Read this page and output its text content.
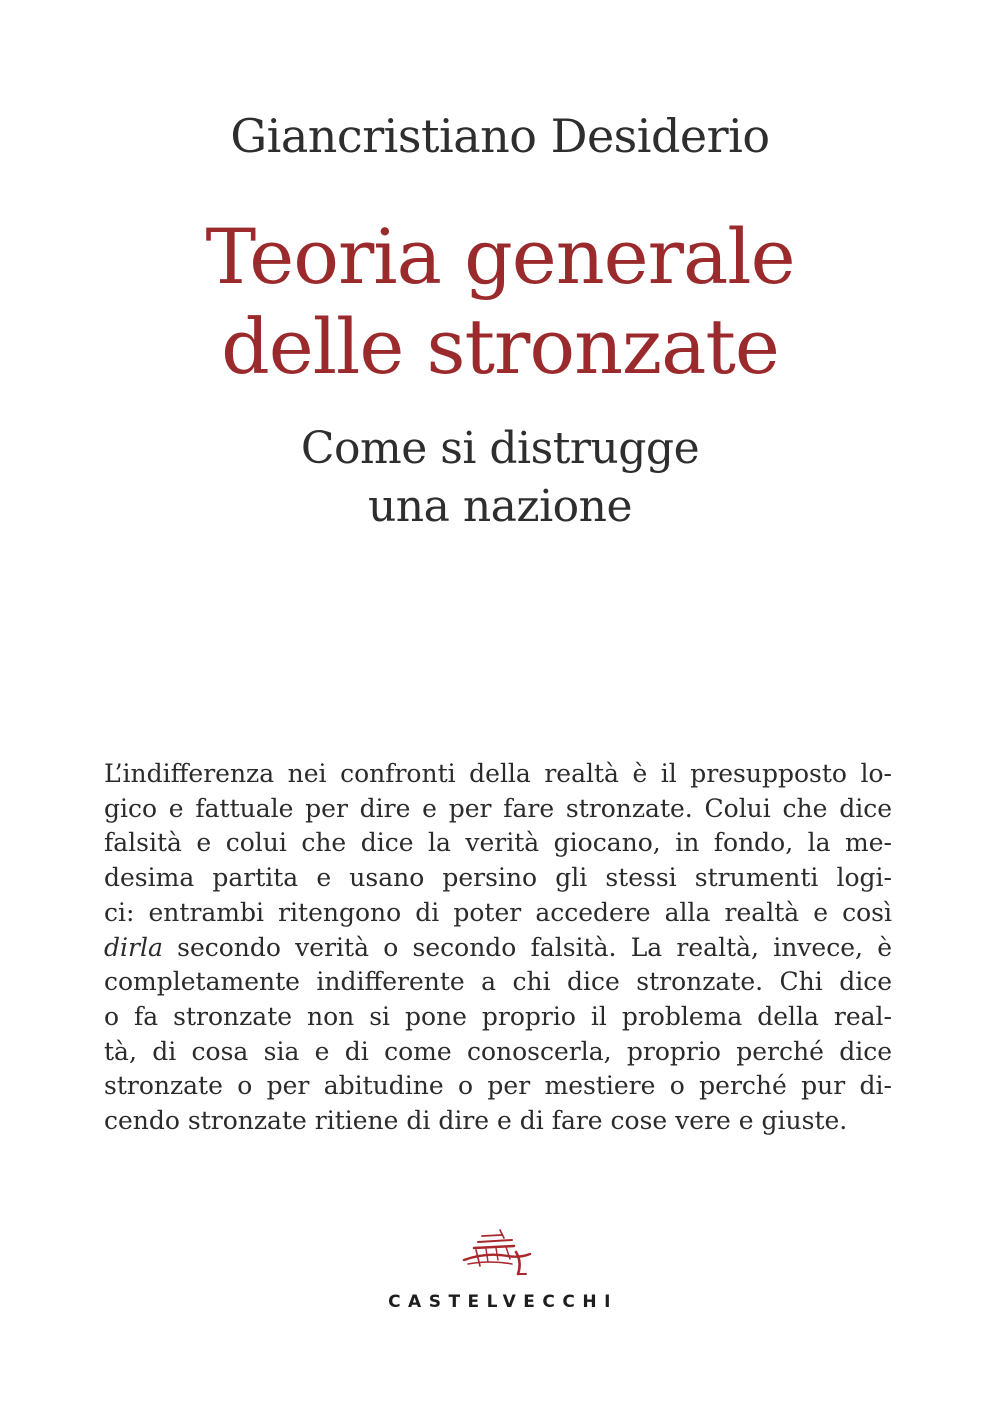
Giancristiano Desiderio
Teoria generale
delle stronzate
Come si distrugge
una nazione
L’indifferenza nei confronti della realtà è il presupposto lo-
gico e fattuale per dire e per fare stronzate. Colui che dice
falsità e colui che dice la verità giocano, in fondo, la me-
desima partita e usano persino gli stessi strumenti logi-
ci: entrambi ritengono di poter accedere alla realtà e così
dirla secondo verità o secondo falsità. La realtà, invece, è
completamente indifferente a chi dice stronzate. Chi dice
o fa stronzate non si pone proprio il problema della real-
tà, di cosa sia e di come conoscerla, proprio perché dice
stronzate o per abitudine o per mestiere o perché pur di-
cendo stronzate ritiene di dire e di fare cose vere e giuste.
CASTELVECCHI
